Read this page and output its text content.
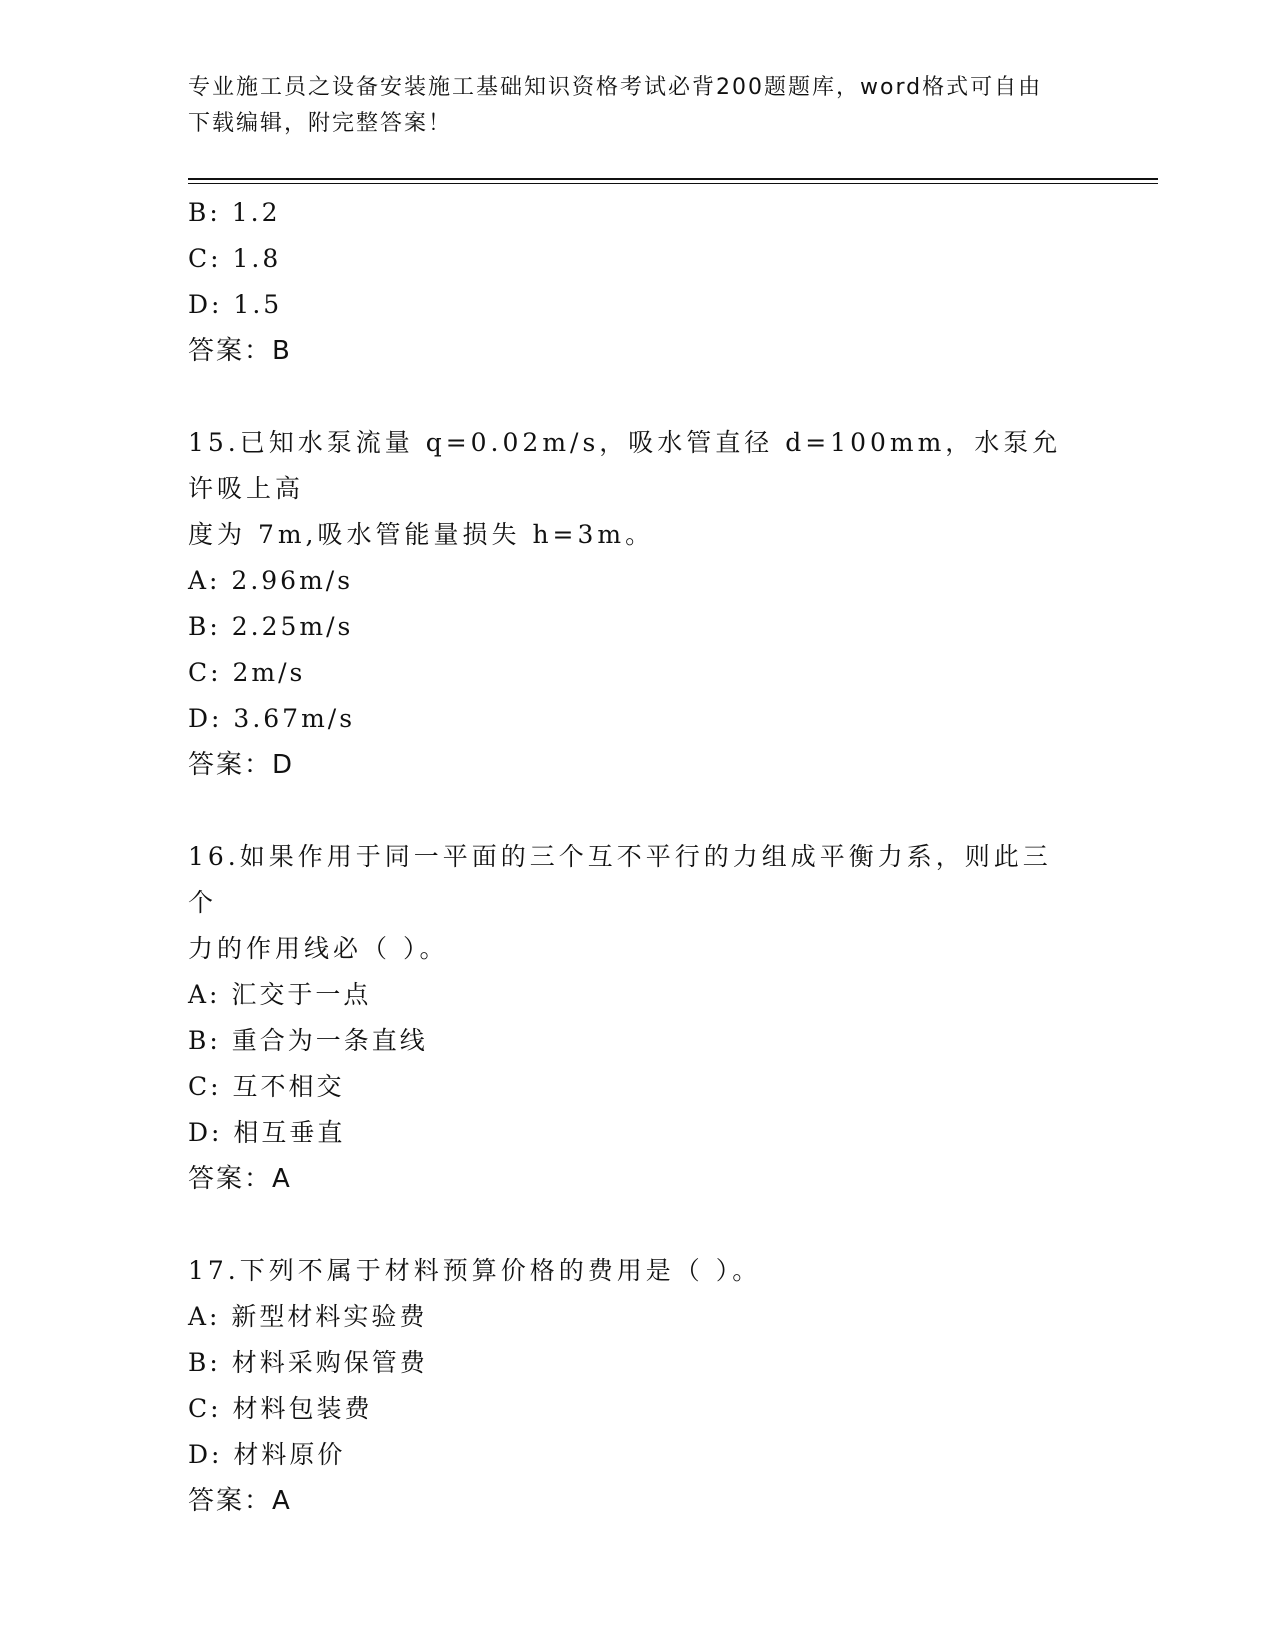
专业施工员之设备安装施工基础知识资格考试必背200题题库，word格式可自由
下载编辑，附完整答案！
B: 1.2
C: 1.8
D: 1.5
答案：B
15.已知水泵流量 q=0.02m/s，吸水管直径 d=100mm，水泵允许吸上高
度为 7m,吸水管能量损失 h=3m。
A: 2.96m/s
B: 2.25m/s
C: 2m/s
D: 3.67m/s
答案：D
16.如果作用于同一平面的三个互不平行的力组成平衡力系，则此三个
力的作用线必（ ）。
A: 汇交于一点
B: 重合为一条直线
C: 互不相交
D: 相互垂直
答案：A
17.下列不属于材料预算价格的费用是（ ）。
A: 新型材料实验费
B: 材料采购保管费
C: 材料包装费
D: 材料原价
答案：A
